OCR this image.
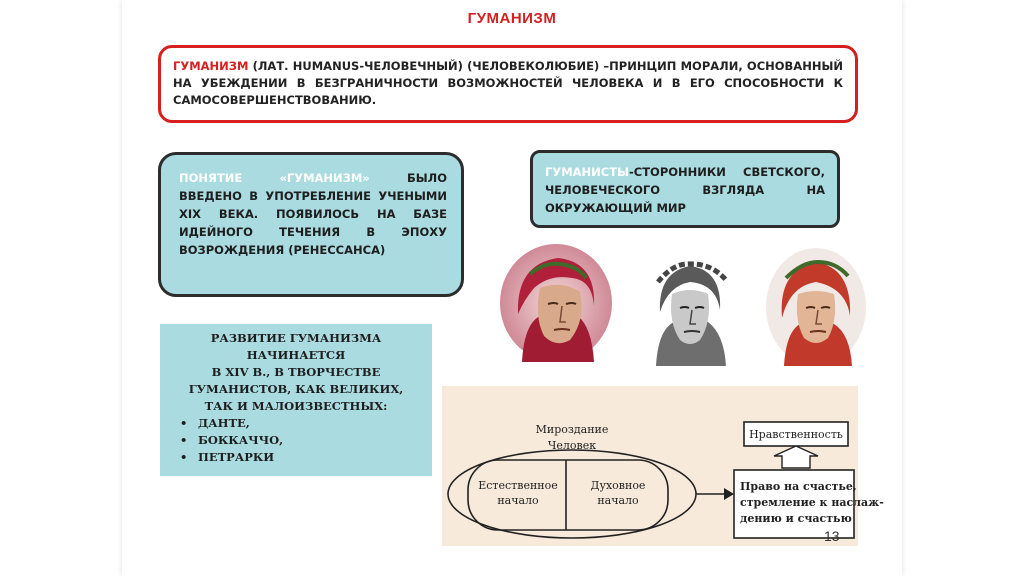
ГУМАНИЗМ
ГУМАНИЗМ (ЛАТ. HUMANUS-ЧЕЛОВЕЧНЫЙ) (ЧЕЛОВЕКОЛЮБИЕ) –ПРИНЦИП МОРАЛИ, ОСНОВАННЫЙ НА УБЕЖДЕНИИ В БЕЗГРАНИЧНОСТИ ВОЗМОЖНОСТЕЙ ЧЕЛОВЕКА И В ЕГО СПОСОБНОСТИ К САМОСОВЕРШЕНСТВОВАНИЮ.
ПОНЯТИЕ «ГУМАНИЗМ» БЫЛО ВВЕДЕНО В УПОТРЕБЛЕНИЕ УЧЕНЫМИ XIX ВЕКА. ПОЯВИЛОСЬ НА БАЗЕ ИДЕЙНОГО ТЕЧЕНИЯ В ЭПОХУ ВОЗРОЖДЕНИЯ (РЕНЕССАНСА)
ГУМАНИСТЫ-СТОРОННИКИ СВЕТСКОГО, ЧЕЛОВЕЧЕСКОГО ВЗГЛЯДА НА ОКРУЖАЮЩИЙ МИР
РАЗВИТИЕ ГУМАНИЗМА
НАЧИНАЕТСЯ
В XIV В., В ТВОРЧЕСТВЕ
ГУМАНИСТОВ, КАК ВЕЛИКИХ,
ТАК И МАЛОИЗВЕСТНЫХ:
• ДАНТЕ,
• БОККАЧЧО,
• ПЕТРАРКИ
Мироздание
Человек
Естественное
начало
Духовное
начало
Нравственность
Право на счастье,
стремление к наслаж-
дению и счастью
13
